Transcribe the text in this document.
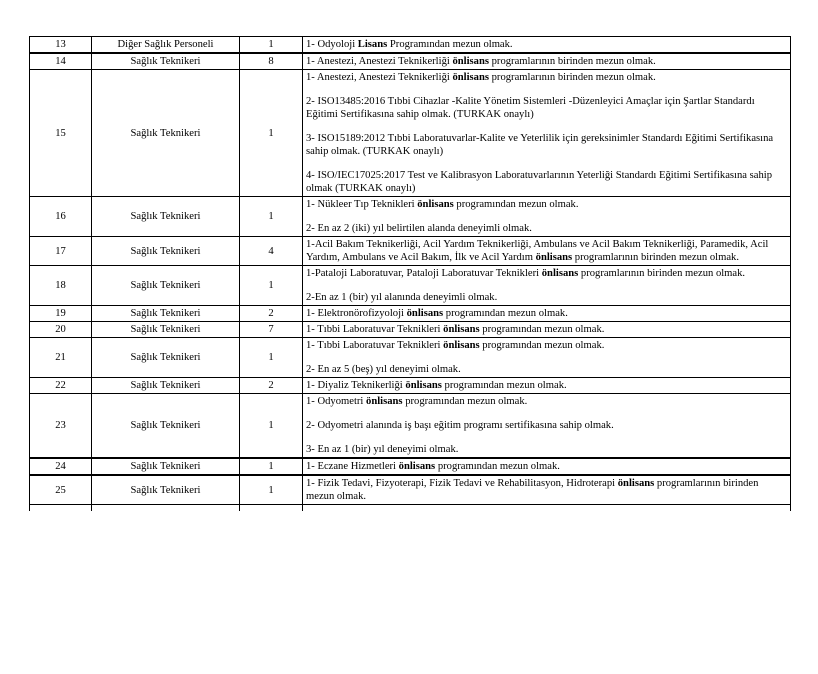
13	Diğer Sağlık Personeli	1	1- Odyoloji Lisans Programından mezun olmak.

14	Sağlık Teknikeri	8	1- Anestezi, Anestezi Teknikerliği önlisans programlarının birinden mezun olmak.

15	Sağlık Teknikeri	1	1- Anestezi, Anestezi Teknikerliği önlisans programlarının birinden mezun olmak.
2- ISO13485:2016 Tıbbi Cihazlar -Kalite Yönetim Sistemleri -Düzenleyici Amaçlar için Şartlar Standardı Eğitimi Sertifikasına sahip olmak. (TURKAK onaylı)
3- ISO15189:2012 Tıbbi Laboratuvarlar-Kalite ve Yeterlilik için gereksinimler Standardı Eğitimi Sertifikasına sahip olmak. (TURKAK onaylı)
4- ISO/IEC17025:2017 Test ve Kalibrasyon Laboratuvarlarının Yeterliği Standardı Eğitimi Sertifikasına sahip olmak (TURKAK onaylı)

16	Sağlık Teknikeri	1	1- Nükleer Tıp Teknikleri önlisans programından mezun olmak.
2- En az 2 (iki) yıl belirtilen alanda deneyimli olmak.

17	Sağlık Teknikeri	4	1-Acil Bakım Teknikerliği, Acil Yardım Teknikerliği, Ambulans ve Acil Bakım Teknikerliği, Paramedik, Acil Yardım, Ambulans ve Acil Bakım, İlk ve Acil Yardım önlisans programlarının birinden mezun olmak.

18	Sağlık Teknikeri	1	1-Pataloji Laboratuvar, Pataloji Laboratuvar Teknikleri önlisans programlarının birinden mezun olmak.
2-En az 1 (bir) yıl alanında deneyimli olmak.

19	Sağlık Teknikeri	2	1- Elektronörofizyoloji önlisans programından mezun olmak.

20	Sağlık Teknikeri	7	1- Tıbbi Laboratuvar Teknikleri önlisans programından mezun olmak.

21	Sağlık Teknikeri	1	1- Tıbbi Laboratuvar Teknikleri önlisans programından mezun olmak.
2- En az 5 (beş) yıl deneyimi olmak.

22	Sağlık Teknikeri	2	1- Diyaliz Teknikerliği önlisans programından mezun olmak.

23	Sağlık Teknikeri	1	1- Odyometri önlisans programından mezun olmak.
2- Odyometri alanında iş başı eğitim programı sertifikasına sahip olmak.
3- En az 1 (bir) yıl deneyimi olmak.

24	Sağlık Teknikeri	1	1- Eczane Hizmetleri önlisans programından mezun olmak.

25	Sağlık Teknikeri	1	1- Fizik Tedavi, Fizyoterapi, Fizik Tedavi ve Rehabilitasyon, Hidroterapi önlisans programlarının birinden mezun olmak.
